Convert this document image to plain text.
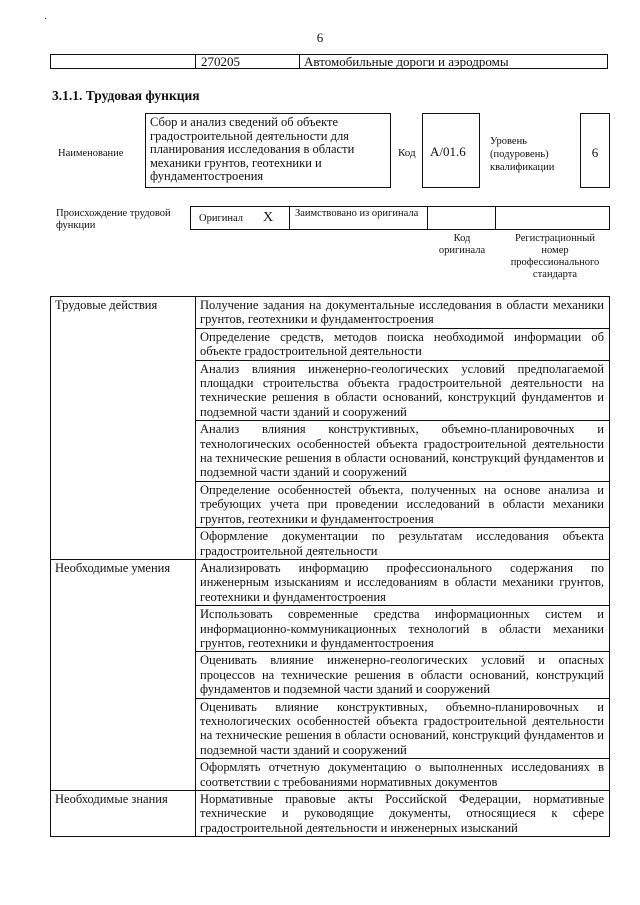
·
6
270205	Автомобильные дороги и аэродромы
3.1.1. Трудовая функция
Наименование
Сбор и анализ сведений об объекте градостроительной деятельности для планирования исследования в области механики грунтов, геотехники и фундаментостроения
Код	A/01.6
Уровень (подуровень) квалификации
6
Происхождение трудовой функции
Оригинал X Заимствовано из оригинала
Код оригинала
Регистрационный номер профессионального стандарта
Трудовые действия	Получение задания на документальные исследования в области механики грунтов, геотехники и фундаментостроения
	Определение средств, методов поиска необходимой информации об объекте градостроительной деятельности
	Анализ влияния инженерно-геологических условий предполагаемой площадки строительства объекта градостроительной деятельности на технические решения в области оснований, конструкций фундаментов и подземной части зданий и сооружений
	Анализ влияния конструктивных, объемно-планировочных и технологических особенностей объекта градостроительной деятельности на технические решения в области оснований, конструкций фундаментов и подземной части зданий и сооружений
	Определение особенностей объекта, полученных на основе анализа и требующих учета при проведении исследований в области механики грунтов, геотехники и фундаментостроения
	Оформление документации по результатам исследования объекта градостроительной деятельности
Необходимые умения	Анализировать информацию профессионального содержания по инженерным изысканиям и исследованиям в области механики грунтов, геотехники и фундаментостроения
	Использовать современные средства информационных систем и информационно-коммуникационных технологий в области механики грунтов, геотехники и фундаментостроения
	Оценивать влияние инженерно-геологических условий и опасных процессов на технические решения в области оснований, конструкций фундаментов и подземной части зданий и сооружений
	Оценивать влияние конструктивных, объемно-планировочных и технологических особенностей объекта градостроительной деятельности на технические решения в области оснований, конструкций фундаментов и подземной части зданий и сооружений
	Оформлять отчетную документацию о выполненных исследованиях в соответствии с требованиями нормативных документов
Необходимые знания	Нормативные правовые акты Российской Федерации, нормативные технические и руководящие документы, относящиеся к сфере градостроительной деятельности и инженерных изысканий
